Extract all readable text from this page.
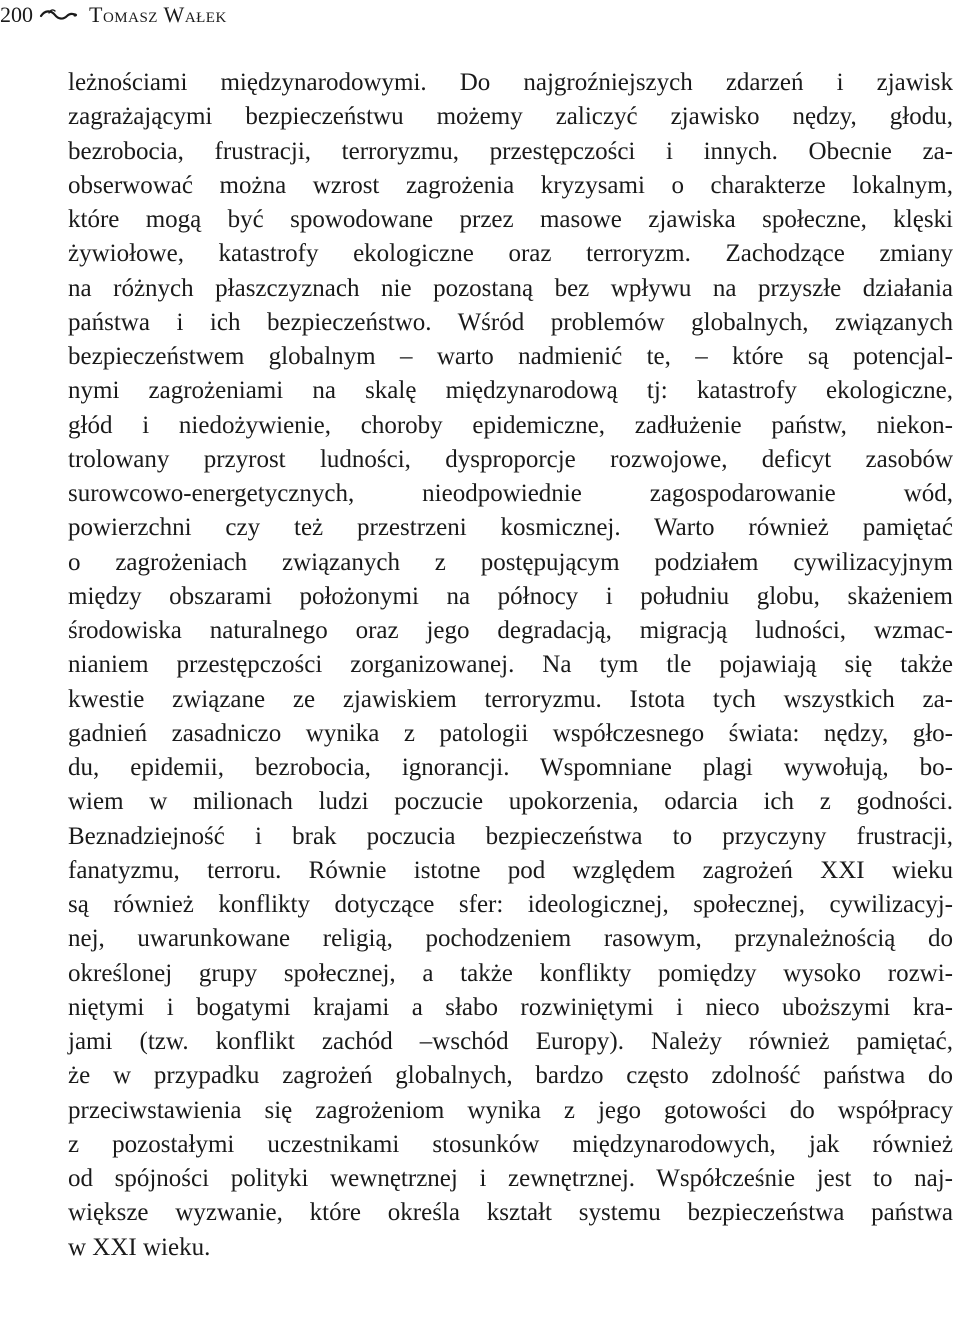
200	Tomasz Wałek
leżnościami międzynarodowymi. Do najgroźniejszych zdarzeń i zjawisk
zagrażającymi bezpieczeństwu możemy zaliczyć zjawisko nędzy, głodu,
bezrobocia, frustracji, terroryzmu, przestępczości i innych. Obecnie za-
obserwować można wzrost zagrożenia kryzysami o charakterze lokalnym,
które mogą być spowodowane przez masowe zjawiska społeczne, klęski
żywiołowe, katastrofy ekologiczne oraz terroryzm. Zachodzące zmiany
na różnych płaszczyznach nie pozostaną bez wpływu na przyszłe działania
państwa i ich bezpieczeństwo. Wśród problemów globalnych, związanych
bezpieczeństwem globalnym – warto nadmienić te, – które są potencjal-
nymi zagrożeniami na skalę międzynarodową tj: katastrofy ekologiczne,
głód i niedożywienie, choroby epidemiczne, zadłużenie państw, niekon-
trolowany przyrost ludności, dysproporcje rozwojowe, deficyt zasobów
surowcowo-energetycznych, nieodpowiednie zagospodarowanie wód,
powierzchni czy też przestrzeni kosmicznej. Warto również pamiętać
o zagrożeniach związanych z postępującym podziałem cywilizacyjnym
między obszarami położonymi na północy i południu globu, skażeniem
środowiska naturalnego oraz jego degradacją, migracją ludności, wzmac-
nianiem przestępczości zorganizowanej. Na tym tle pojawiają się także
kwestie związane ze zjawiskiem terroryzmu. Istota tych wszystkich za-
gadnień zasadniczo wynika z patologii współczesnego świata: nędzy, gło-
du, epidemii, bezrobocia, ignorancji. Wspomniane plagi wywołują, bo-
wiem w milionach ludzi poczucie upokorzenia, odarcia ich z godności.
Beznadziejność i brak poczucia bezpieczeństwa to przyczyny frustracji,
fanatyzmu, terroru. Równie istotne pod względem zagrożeń XXI wieku
są również konflikty dotyczące sfer: ideologicznej, społecznej, cywilizacyj-
nej, uwarunkowane religią, pochodzeniem rasowym, przynależnością do
określonej grupy społecznej, a także konflikty pomiędzy wysoko rozwi-
niętymi i bogatymi krajami a słabo rozwiniętymi i nieco uboższymi kra-
jami (tzw. konflikt zachód –wschód Europy). Należy również pamiętać,
że w przypadku zagrożeń globalnych, bardzo często zdolność państwa do
przeciwstawienia się zagrożeniom wynika z jego gotowości do współpracy
z pozostałymi uczestnikami stosunków międzynarodowych, jak również
od spójności polityki wewnętrznej i zewnętrznej. Współcześnie jest to naj-
większe wyzwanie, które określa kształt systemu bezpieczeństwa państwa
w XXI wieku.
